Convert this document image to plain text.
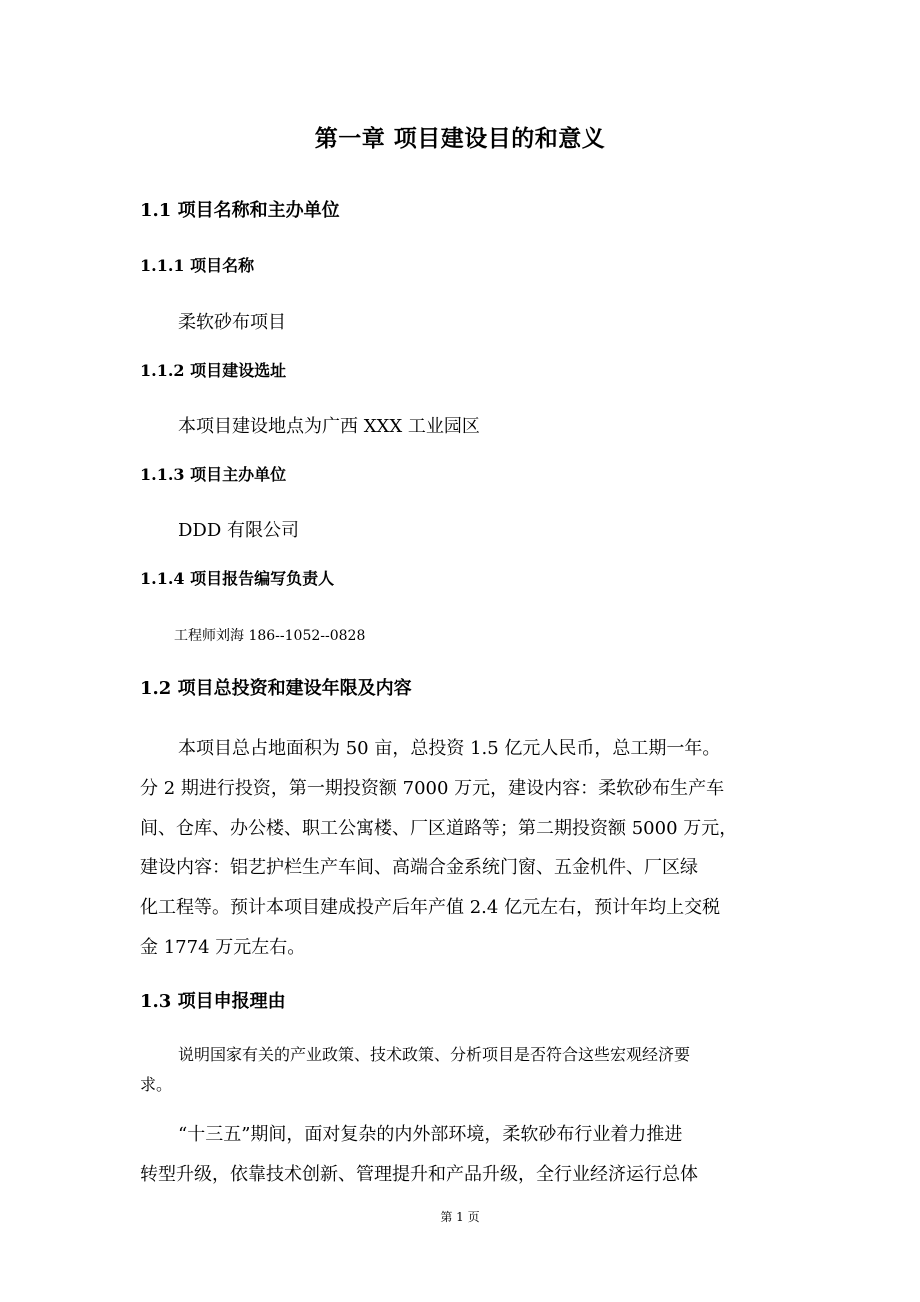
第一章 项目建设目的和意义
1.1 项目名称和主办单位
1.1.1 项目名称

柔软砂布项目

1.1.2 项目建设选址

本项目建设地点为广西 XXX 工业园区

1.1.3 项目主办单位

DDD 有限公司

1.1.4 项目报告编写负责人

工程师刘海 186--1052--0828

1.2 项目总投资和建设年限及内容

本项目总占地面积为 50 亩，总投资 1.5 亿元人民币，总工期一年。

分 2 期进行投资，第一期投资额 7000 万元，建设内容：柔软砂布生产车

间、仓库、办公楼、职工公寓楼、厂区道路等；第二期投资额 5000 万元，

建设内容：铝艺护栏生产车间、高端合金系统门窗、五金机件、厂区绿

化工程等。预计本项目建成投产后年产值 2.4 亿元左右，预计年均上交税

金 1774 万元左右。

1.3 项目申报理由

说明国家有关的产业政策、技术政策、分析项目是否符合这些宏观经济要

求。

“十三五”期间，面对复杂的内外部环境，柔软砂布行业着力推进

转型升级，依靠技术创新、管理提升和产品升级，全行业经济运行总体

第 1 页
